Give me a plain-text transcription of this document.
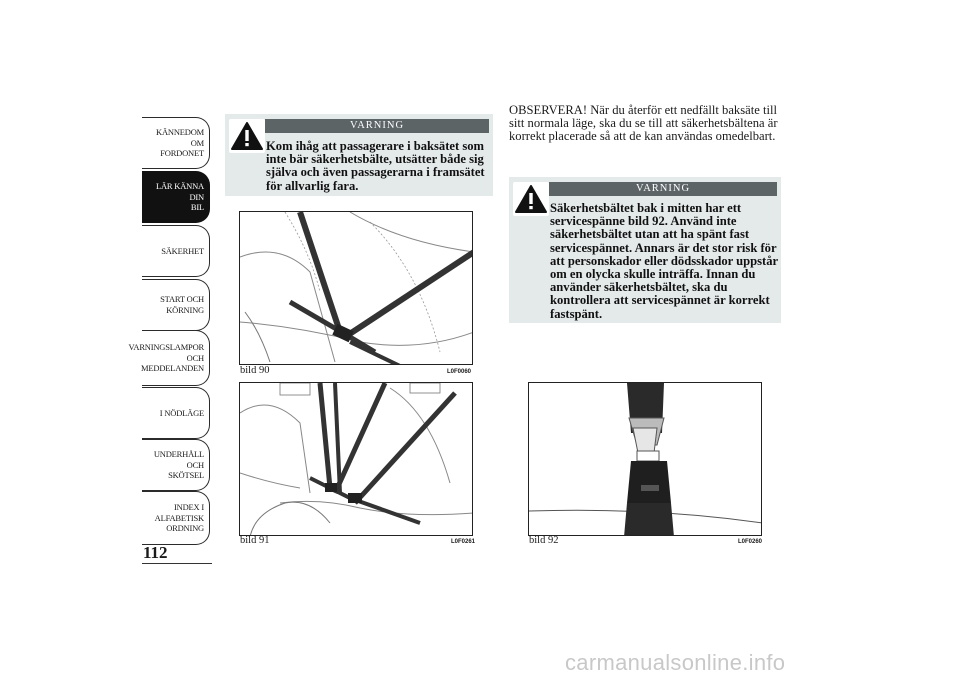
KÄNNEDOM OM
FORDONET
LÄR KÄNNA DIN
BIL
SÄKERHET
START OCH
KÖRNING
VARNINGSLAMPOR
OCH
MEDDELANDEN
I NÖDLÄGE
UNDERHÅLL OCH
SKÖTSEL
INDEX I
ALFABETISK
ORDNING
112
VARNING
Kom ihåg att passagerare i baksätet som inte bär säkerhetsbälte, utsätter både sig själva och även passagerarna i framsätet för allvarlig fara.
OBSERVERA! När du återför ett nedfällt baksäte till sitt normala läge, ska du se till att säkerhetsbältena är korrekt placerade så att de kan användas omedelbart.
VARNING
Säkerhetsbältet bak i mitten har ett servicespänne bild 92. Använd inte säkerhetsbältet utan att ha spänt fast servicespännet. Annars är det stor risk för att personskador eller dödsskador uppstår om en olycka skulle inträffa. Innan du använder säkerhetsbältet, ska du kontrollera att servicespännet är korrekt fastspänt.
bild 90	L0F0060
bild 91	L0F0261	bild 92	L0F0260
carmanualsonline.info
